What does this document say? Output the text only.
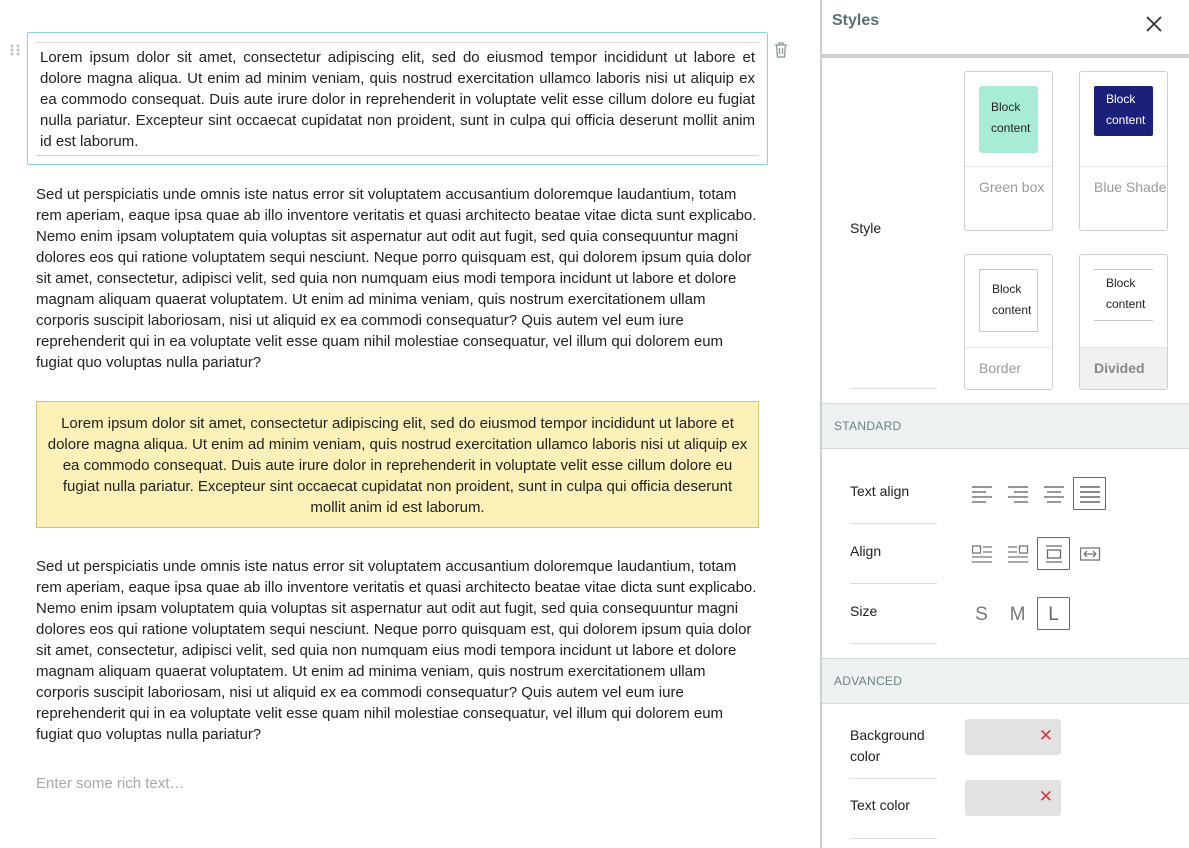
Lorem ipsum dolor sit amet, consectetur adipiscing elit, sed do eiusmod tempor incididunt ut labore et dolore magna aliqua. Ut enim ad minim veniam, quis nostrud exercitation ullamco laboris nisi ut aliquip ex ea commodo consequat. Duis aute irure dolor in reprehenderit in voluptate velit esse cillum dolore eu fugiat nulla pariatur. Excepteur sint occaecat cupidatat non proident, sunt in culpa qui officia deserunt mollit anim id est laborum.

Sed ut perspiciatis unde omnis iste natus error sit voluptatem accusantium doloremque laudantium, totam rem aperiam, eaque ipsa quae ab illo inventore veritatis et quasi architecto beatae vitae dicta sunt explicabo. Nemo enim ipsam voluptatem quia voluptas sit aspernatur aut odit aut fugit, sed quia consequuntur magni dolores eos qui ratione voluptatem sequi nesciunt. Neque porro quisquam est, qui dolorem ipsum quia dolor sit amet, consectetur, adipisci velit, sed quia non numquam eius modi tempora incidunt ut labore et dolore magnam aliquam quaerat voluptatem. Ut enim ad minima veniam, quis nostrum exercitationem ullam corporis suscipit laboriosam, nisi ut aliquid ex ea commodi consequatur? Quis autem vel eum iure reprehenderit qui in ea voluptate velit esse quam nihil molestiae consequatur, vel illum qui dolorem eum fugiat quo voluptas nulla pariatur?

Lorem ipsum dolor sit amet, consectetur adipiscing elit, sed do eiusmod tempor incididunt ut labore et dolore magna aliqua. Ut enim ad minim veniam, quis nostrud exercitation ullamco laboris nisi ut aliquip ex ea commodo consequat. Duis aute irure dolor in reprehenderit in voluptate velit esse cillum dolore eu fugiat nulla pariatur. Excepteur sint occaecat cupidatat non proident, sunt in culpa qui officia deserunt mollit anim id est laborum.

Sed ut perspiciatis unde omnis iste natus error sit voluptatem accusantium doloremque laudantium, totam rem aperiam, eaque ipsa quae ab illo inventore veritatis et quasi architecto beatae vitae dicta sunt explicabo. Nemo enim ipsam voluptatem quia voluptas sit aspernatur aut odit aut fugit, sed quia consequuntur magni dolores eos qui ratione voluptatem sequi nesciunt. Neque porro quisquam est, qui dolorem ipsum quia dolor sit amet, consectetur, adipisci velit, sed quia non numquam eius modi tempora incidunt ut labore et dolore magnam aliquam quaerat voluptatem. Ut enim ad minima veniam, quis nostrum exercitationem ullam corporis suscipit laboriosam, nisi ut aliquid ex ea commodi consequatur? Quis autem vel eum iure reprehenderit qui in ea voluptate velit esse quam nihil molestiae consequatur, vel illum qui dolorem eum fugiat quo voluptas nulla pariatur?

Enter some rich text…
Styles
Style
Block content
Green box
Block content
Blue Shade
Block content
Border
Block content
Divided
STANDARD
Text align
Align
Size	S	M	L
ADVANCED
Background color
✕
Text color	✕
